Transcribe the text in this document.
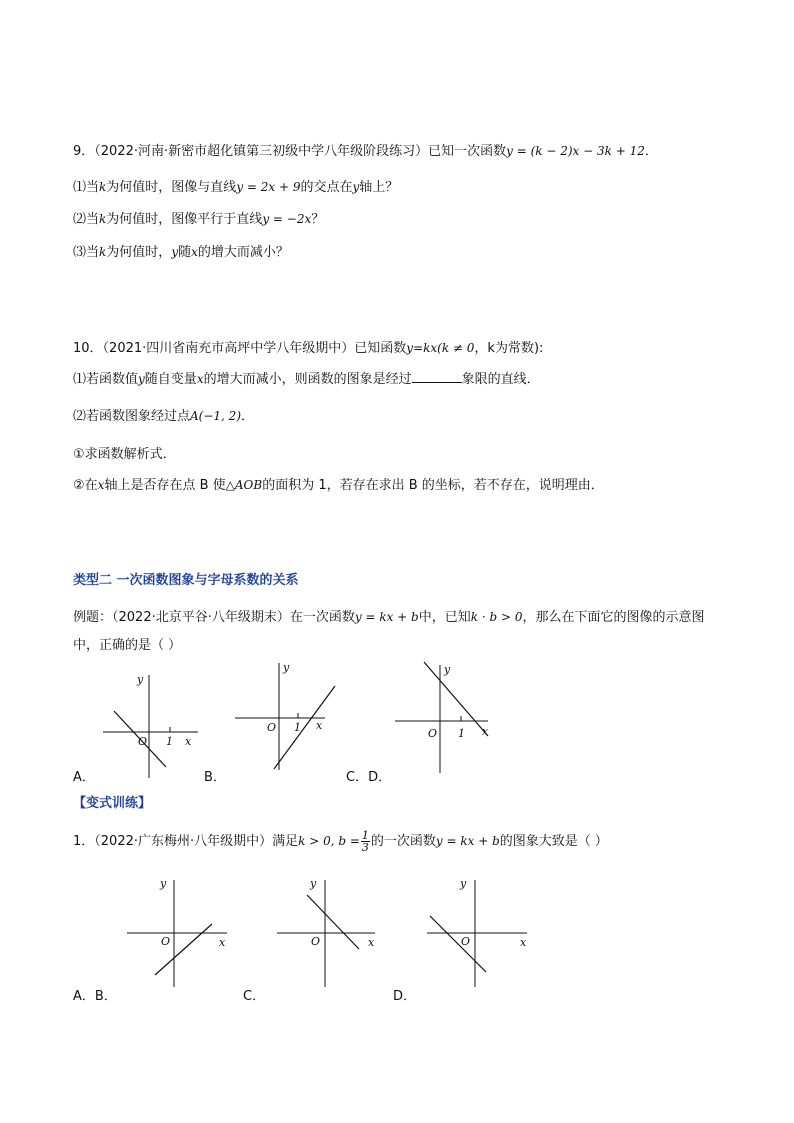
9．（2022·河南·新密市超化镇第三初级中学八年级阶段练习）已知一次函数y = (k − 2)x − 3k + 12．
⑴当k为何值时，图像与直线y = 2x + 9的交点在y轴上？
⑵当k为何值时，图像平行于直线y = −2x？
⑶当k为何值时，y随x的增大而减小？
10．（2021·四川省南充市高坪中学八年级期中）已知函数y=kx(k ≠ 0，k为常数):
⑴若函数值y随自变量x的增大而减小，则函数的图象是经过	象限的直线．
⑵若函数图象经过点A(−1, 2)．
①求函数解析式．
②在x轴上是否存在点 B 使△AOB的面积为 1，若存在求出 B 的坐标，若不存在，说明理由．
类型二 一次函数图象与字母系数的关系
例题：（2022·北京平谷·八年级期末）在一次函数y = kx + b中，已知k · b > 0，那么在下面它的图像的示意图
中，正确的是（ ）
y
O 1 x
y
O 1 x
y
O 1 x
A．	B．	C．D．
【变式训练】
1．（2022·广东梅州·八年级期中）满足k > 0, $b = \frac{1}{3}$ 的一次函数y = kx + b的图象大致是（ ）
y
O	x
y
O	x
y
O	x
A．B．	C．	D．
